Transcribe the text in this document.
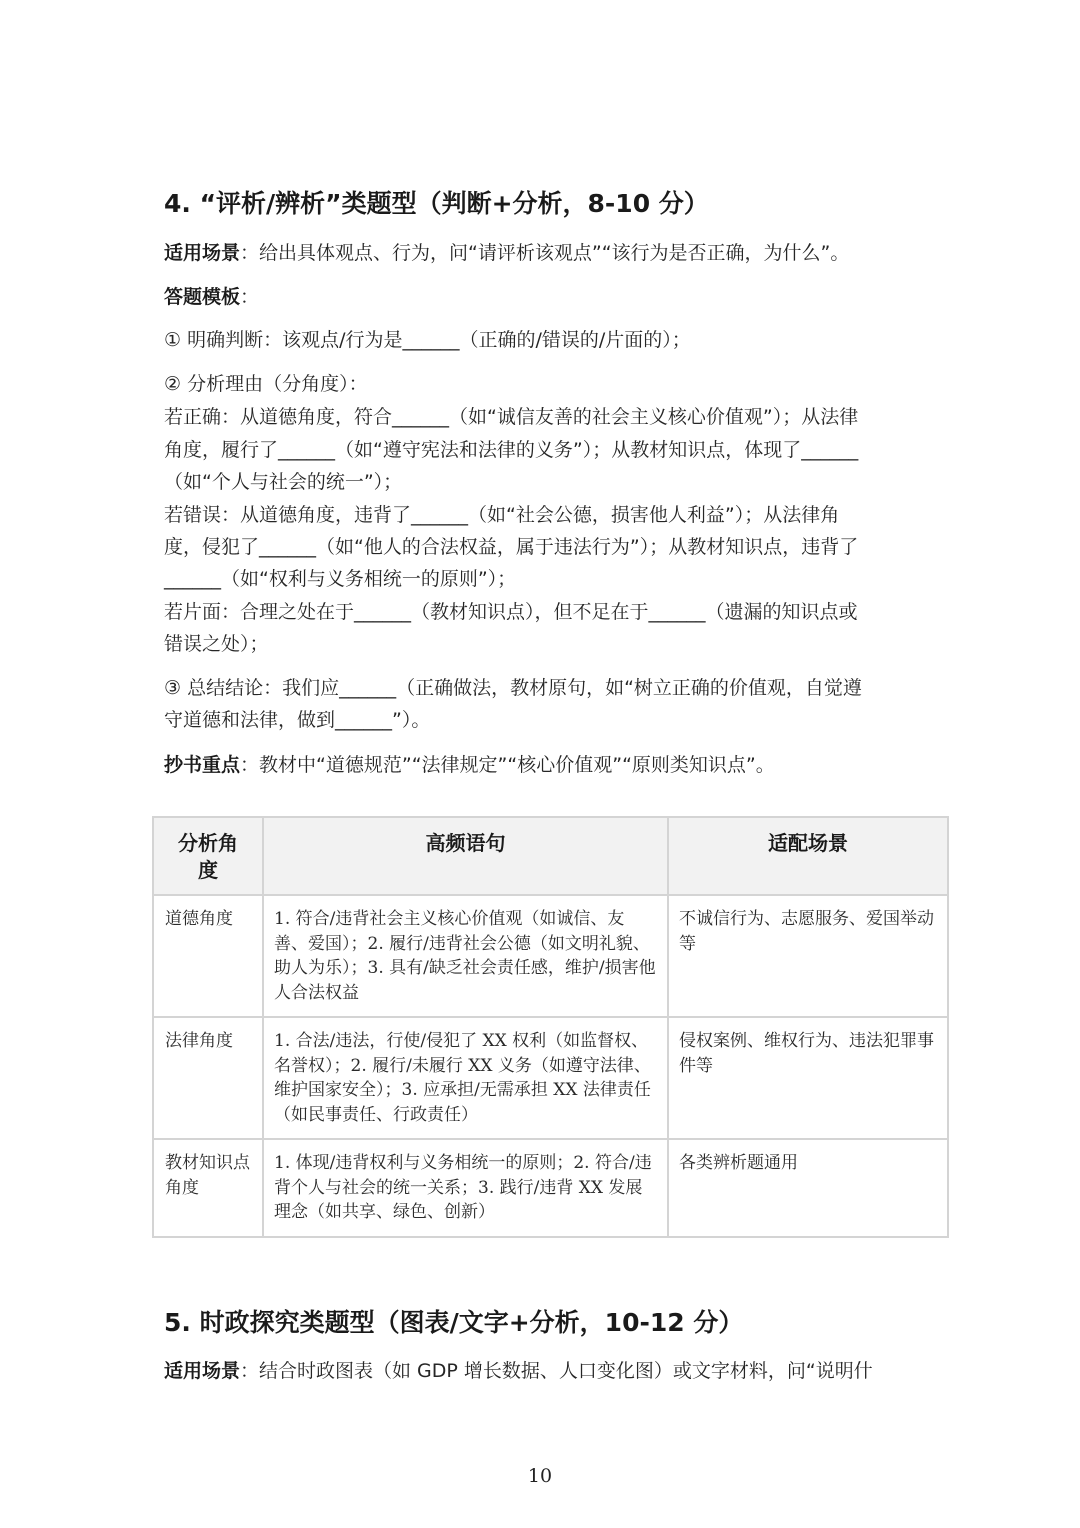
4. “评析/辨析”类题型（判断+分析，8-10 分）
适用场景：给出具体观点、行为，问“请评析该观点”“该行为是否正确，为什么”。
答题模板：
① 明确判断：该观点/行为是______（正确的/错误的/片面的）；
② 分析理由（分角度）：
若正确：从道德角度，符合______（如“诚信友善的社会主义核心价值观”）；从法律
角度，履行了______（如“遵守宪法和法律的义务”）；从教材知识点，体现了______
（如“个人与社会的统一”）；
若错误：从道德角度，违背了______（如“社会公德，损害他人利益”）；从法律角
度，侵犯了______（如“他人的合法权益，属于违法行为”）；从教材知识点，违背了
______（如“权利与义务相统一的原则”）；
若片面：合理之处在于______（教材知识点），但不足在于______（遗漏的知识点或
错误之处）；
③ 总结结论：我们应______（正确做法，教材原句，如“树立正确的价值观，自觉遵
守道德和法律，做到______”）。
抄书重点：教材中“道德规范”“法律规定”“核心价值观”“原则类知识点”。
分析角度	高频语句	适配场景
道德角度	1. 符合/违背社会主义核心价值观（如诚信、友善、爱国）；2. 履行/违背社会公德（如文明礼貌、助人为乐）；3. 具有/缺乏社会责任感，维护/损害他人合法权益	不诚信行为、志愿服务、爱国举动等
法律角度	1. 合法/违法，行使/侵犯了 XX 权利（如监督权、名誉权）；2. 履行/未履行 XX 义务（如遵守法律、维护国家安全）；3. 应承担/无需承担 XX 法律责任（如民事责任、行政责任）	侵权案例、维权行为、违法犯罪事件等
教材知识点角度	1. 体现/违背权利与义务相统一的原则；2. 符合/违背个人与社会的统一关系；3. 践行/违背 XX 发展理念（如共享、绿色、创新）	各类辨析题通用
5. 时政探究类题型（图表/文字+分析，10-12 分）
适用场景：结合时政图表（如 GDP 增长数据、人口变化图）或文字材料，问“说明什
10
